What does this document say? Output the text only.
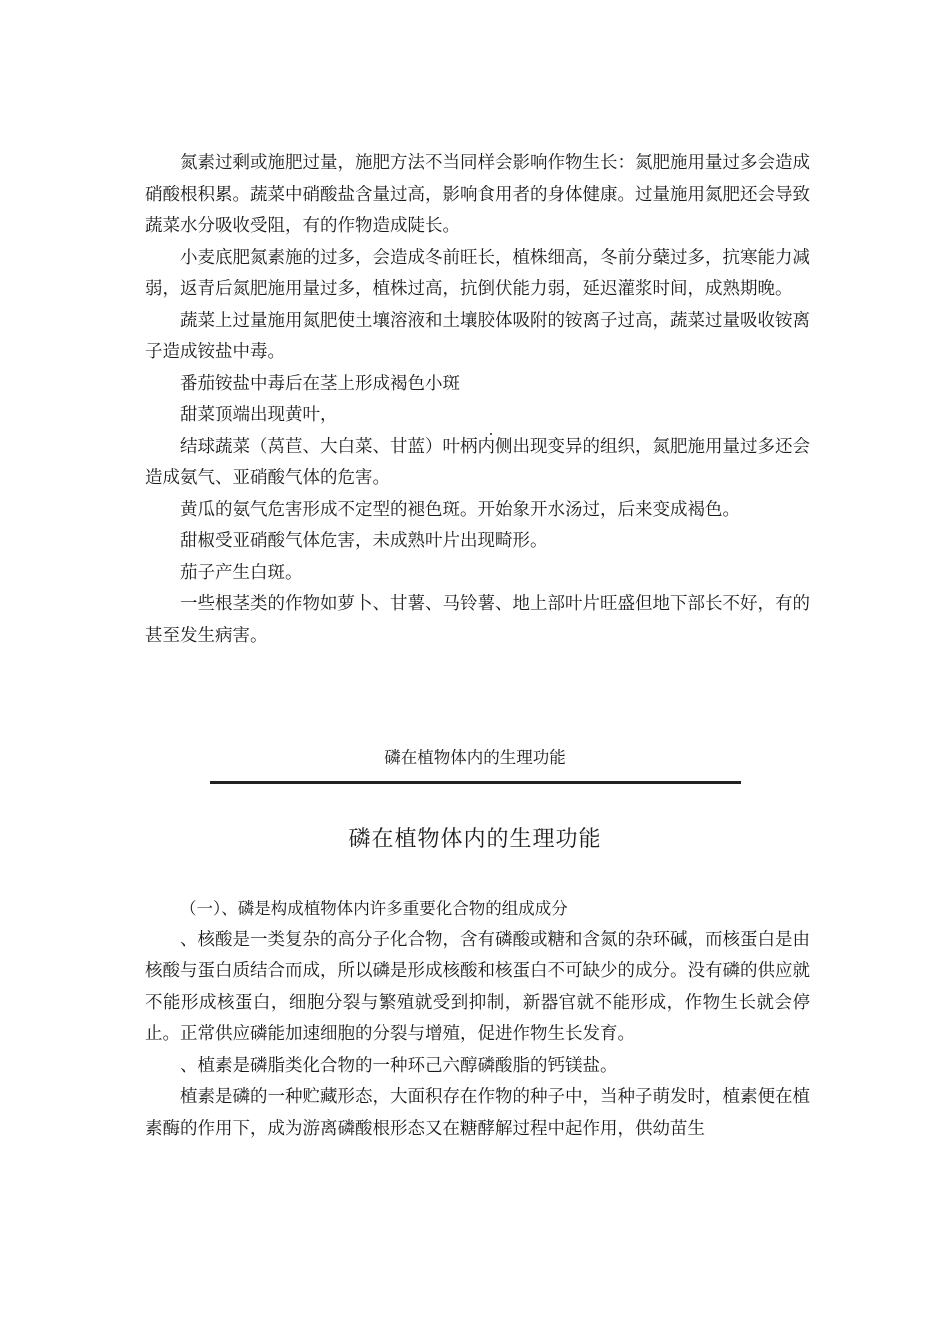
氮素过剩或施肥过量，施肥方法不当同样会影响作物生长：氮肥施用量过多会造成硝酸根积累。蔬菜中硝酸盐含量过高，影响食用者的身体健康。过量施用氮肥还会导致蔬菜水分吸收受阻，有的作物造成陡长。

小麦底肥氮素施的过多，会造成冬前旺长，植株细高，冬前分蘖过多，抗寒能力减弱，返青后氮肥施用量过多，植株过高，抗倒伏能力弱，延迟灌浆时间，成熟期晚。

蔬菜上过量施用氮肥使土壤溶液和土壤胶体吸附的铵离子过高，蔬菜过量吸收铵离子造成铵盐中毒。

番茄铵盐中毒后在茎上形成褐色小斑

甜菜顶端出现黄叶，

结球蔬菜（莴苣、大白菜、甘蓝）叶柄内侧出现变异的组织，氮肥施用量过多还会造成氨气、亚硝酸气体的危害。

黄瓜的氨气危害形成不定型的褪色斑。开始象开水汤过，后来变成褐色。

甜椒受亚硝酸气体危害，未成熟叶片出现畸形。

茄子产生白斑。

一些根茎类的作物如萝卜、甘薯、马铃薯、地上部叶片旺盛但地下部长不好，有的甚至发生病害。

磷在植物体内的生理功能
磷在植物体内的生理功能

（一）、磷是构成植物体内许多重要化合物的组成成分

、核酸是一类复杂的高分子化合物，含有磷酸或糖和含氮的杂环碱，而核蛋白是由核酸与蛋白质结合而成，所以磷是形成核酸和核蛋白不可缺少的成分。没有磷的供应就不能形成核蛋白，细胞分裂与繁殖就受到抑制，新器官就不能形成，作物生长就会停止。正常供应磷能加速细胞的分裂与增殖，促进作物生长发育。

、植素是磷脂类化合物的一种环己六醇磷酸脂的钙镁盐。

植素是磷的一种贮藏形态，大面积存在作物的种子中，当种子萌发时，植素便在植素酶的作用下，成为游离磷酸根形态又在糖酵解过程中起作用，供幼苗生
